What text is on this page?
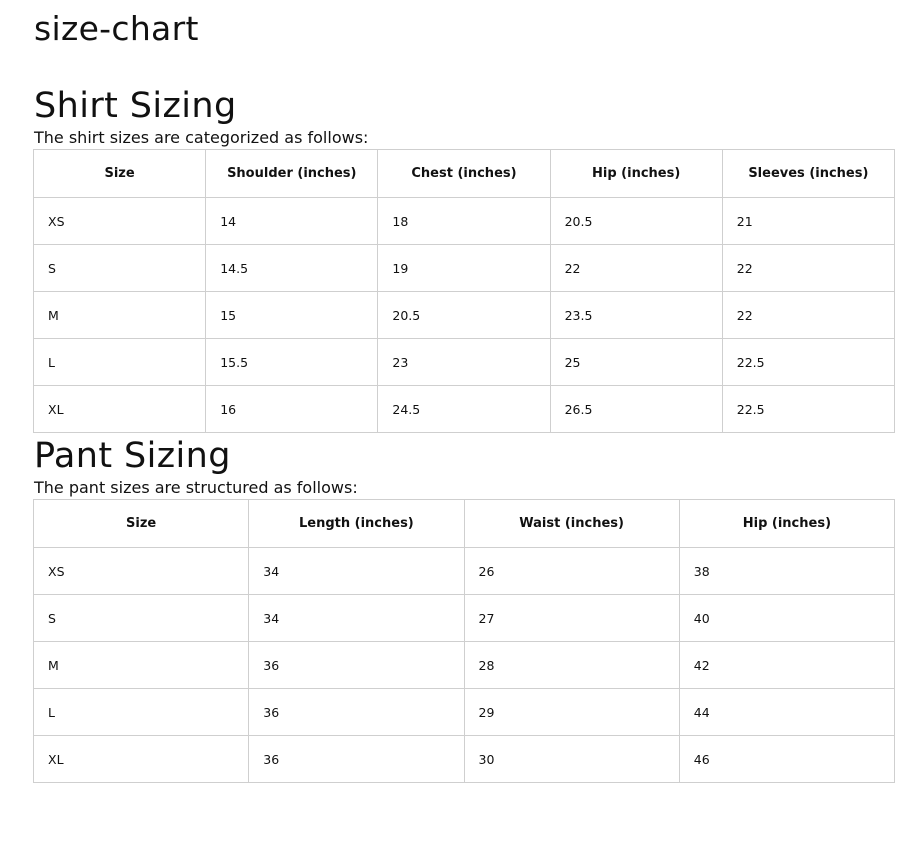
size-chart
Shirt Sizing

The shirt sizes are categorized as follows:

Size	Shoulder (inches)	Chest (inches)	Hip (inches)	Sleeves (inches)
XS	14	18	20.5	21
S	14.5	19	22	22
M	15	20.5	23.5	22
L	15.5	23	25	22.5
XL	16	24.5	26.5	22.5
Pant Sizing

The pant sizes are structured as follows:

Size	Length (inches)	Waist (inches)	Hip (inches)
XS	34	26	38
S	34	27	40
M	36	28	42
L	36	29	44
XL	36	30	46
